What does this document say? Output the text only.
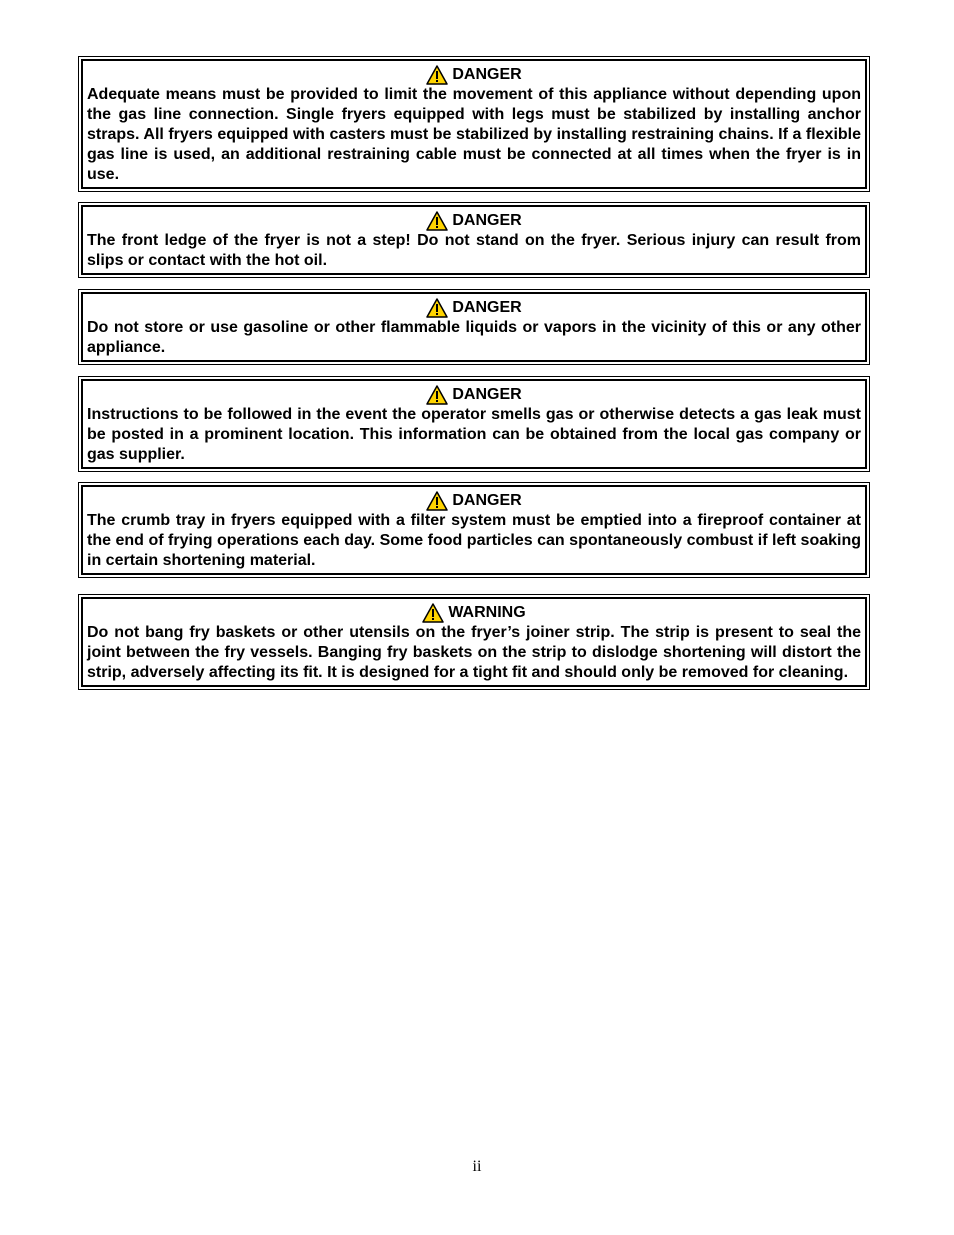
DANGER
Adequate means must be provided to limit the movement of this appliance without depending upon the gas line connection. Single fryers equipped with legs must be stabilized by installing anchor straps. All fryers equipped with casters must be stabilized by installing restraining chains. If a flexible gas line is used, an additional restraining cable must be connected at all times when the fryer is in use.
DANGER
The front ledge of the fryer is not a step! Do not stand on the fryer. Serious injury can result from slips or contact with the hot oil.
DANGER
Do not store or use gasoline or other flammable liquids or vapors in the vicinity of this or any other appliance.
DANGER
Instructions to be followed in the event the operator smells gas or otherwise detects a gas leak must be posted in a prominent location. This information can be obtained from the local gas company or gas supplier.
DANGER
The crumb tray in fryers equipped with a filter system must be emptied into a fireproof container at the end of frying operations each day. Some food particles can spontaneously combust if left soaking in certain shortening material.
WARNING
Do not bang fry baskets or other utensils on the fryer’s joiner strip. The strip is present to seal the joint between the fry vessels. Banging fry baskets on the strip to dislodge shortening will distort the strip, adversely affecting its fit. It is designed for a tight fit and should only be removed for cleaning.
ii
